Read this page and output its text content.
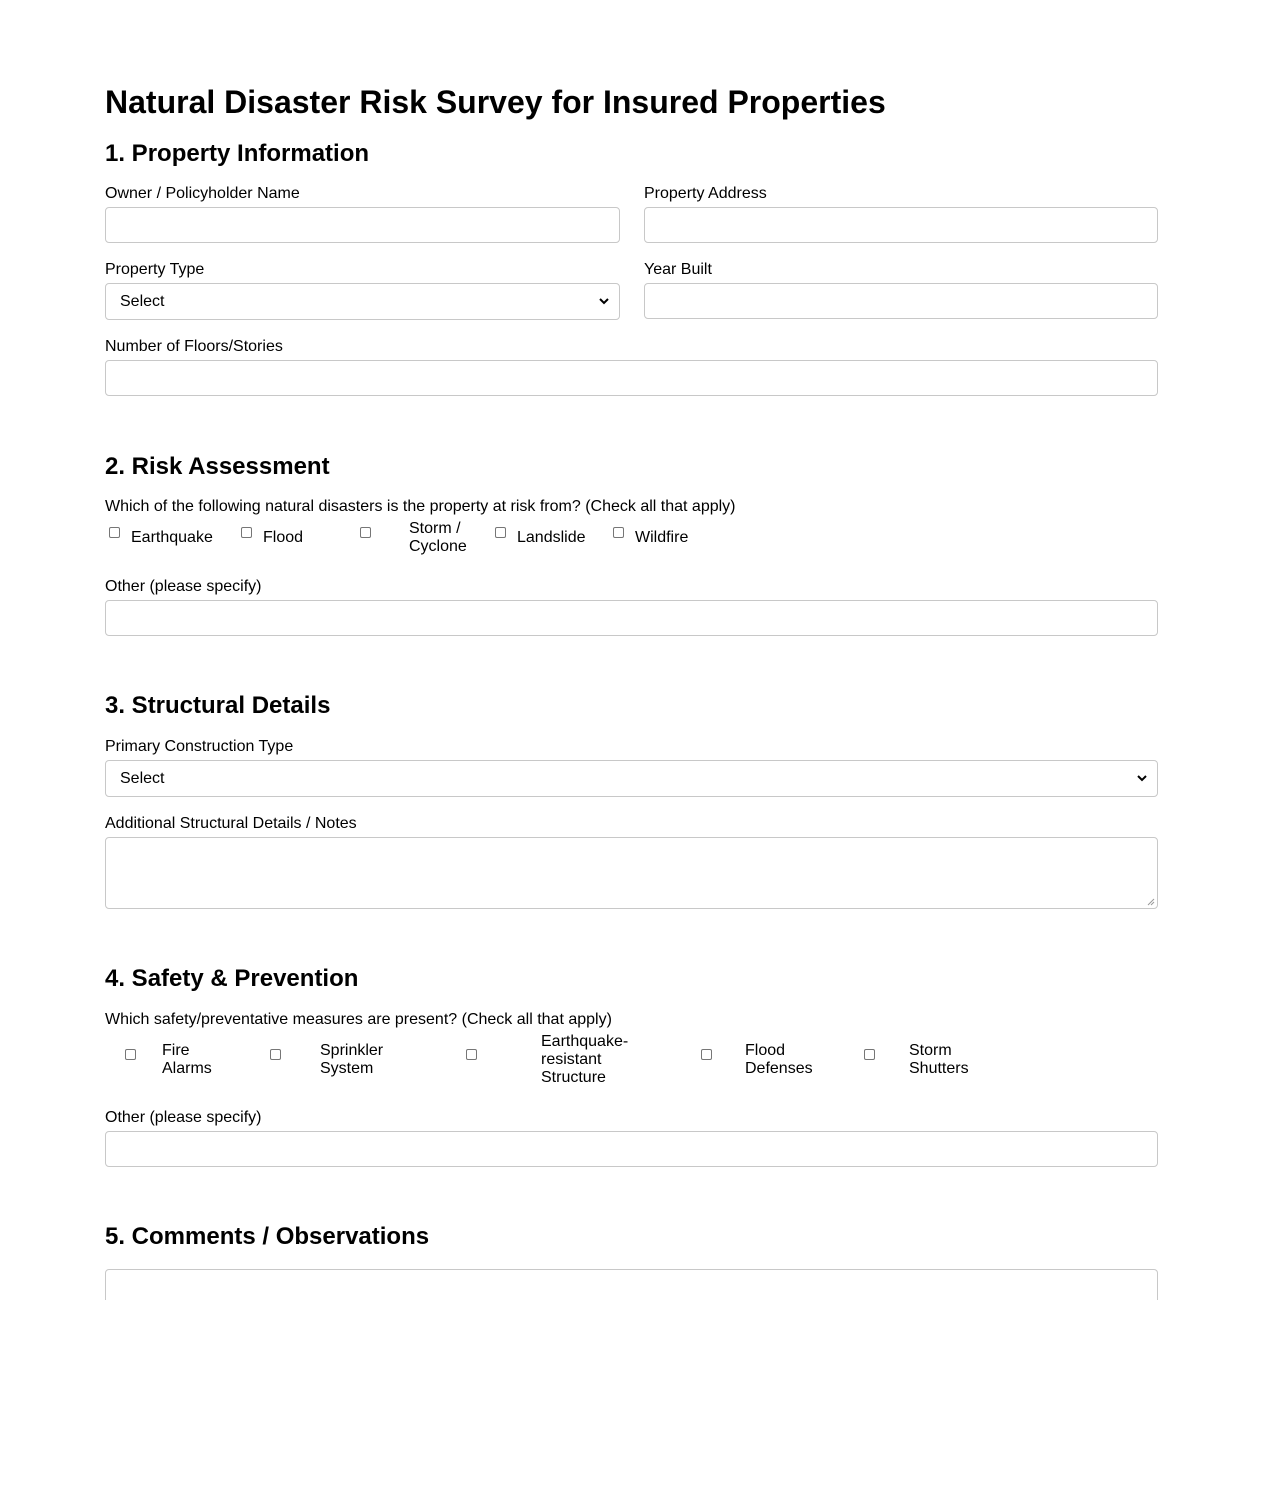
Natural Disaster Risk Survey for Insured Properties
1. Property Information
Owner / Policyholder Name	Property Address
Property Type
Select
Year Built
Number of Floors/Stories
2. Risk Assessment
Which of the following natural disasters is the property at risk from? (Check all that apply)
Earthquake	Flood
Storm /
Cyclone
Landslide	Wildfire
Other (please specify)
3. Structural Details
Primary Construction Type
Select
Additional Structural Details / Notes
4. Safety & Prevention
Which safety/preventative measures are present? (Check all that apply)
Fire
Alarms
Sprinkler
System
Earthquake-
resistant
Structure
Flood
Defenses
Storm
Shutters
Other (please specify)
5. Comments / Observations
